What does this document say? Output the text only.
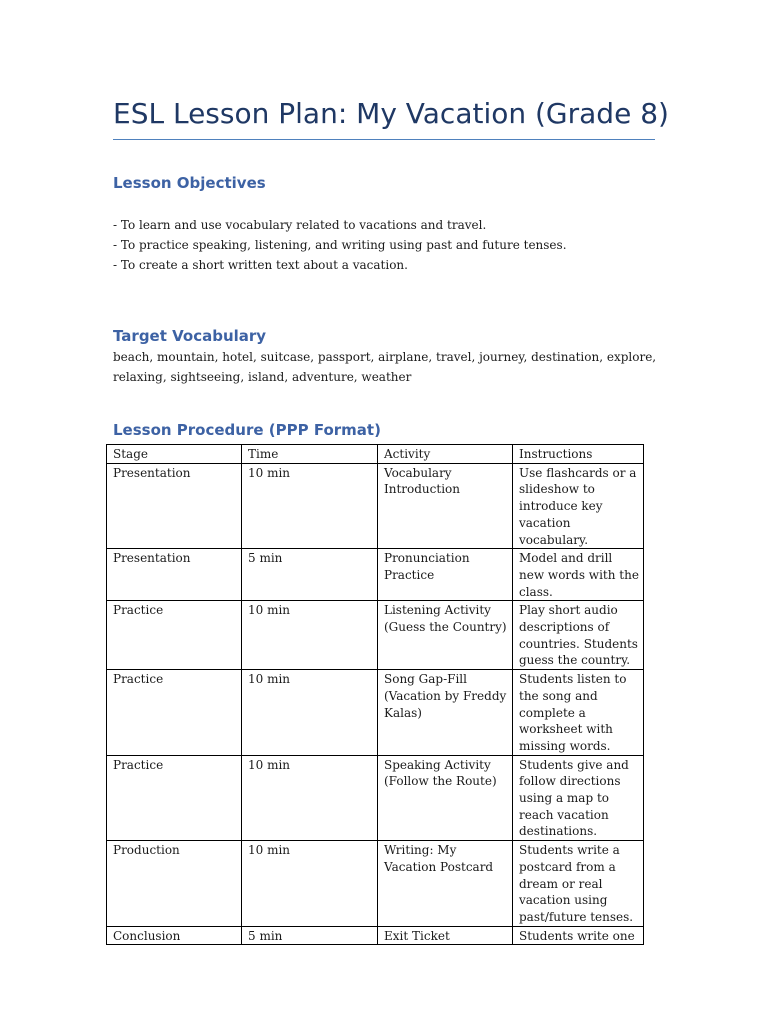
ESL Lesson Plan: My Vacation (Grade 8)
Lesson Objectives
- To learn and use vocabulary related to vacations and travel.
- To practice speaking, listening, and writing using past and future tenses.
- To create a short written text about a vacation.
Target Vocabulary
beach, mountain, hotel, suitcase, passport, airplane, travel, journey, destination, explore,
relaxing, sightseeing, island, adventure, weather
Lesson Procedure (PPP Format)
Stage	Time	Activity	Instructions
Presentation	10 min	Vocabulary Introduction	Use flashcards or a slideshow to introduce key vacation vocabulary.
Presentation	5 min	Pronunciation Practice	Model and drill new words with the class.
Practice	10 min	Listening Activity (Guess the Country)	Play short audio descriptions of countries. Students guess the country.
Practice	10 min	Song Gap-Fill (Vacation by Freddy Kalas)	Students listen to the song and complete a worksheet with missing words.
Practice	10 min	Speaking Activity (Follow the Route)	Students give and follow directions using a map to reach vacation destinations.
Production	10 min	Writing: My Vacation Postcard	Students write a postcard from a dream or real vacation using past/future tenses.
Conclusion	5 min	Exit Ticket	Students write one
